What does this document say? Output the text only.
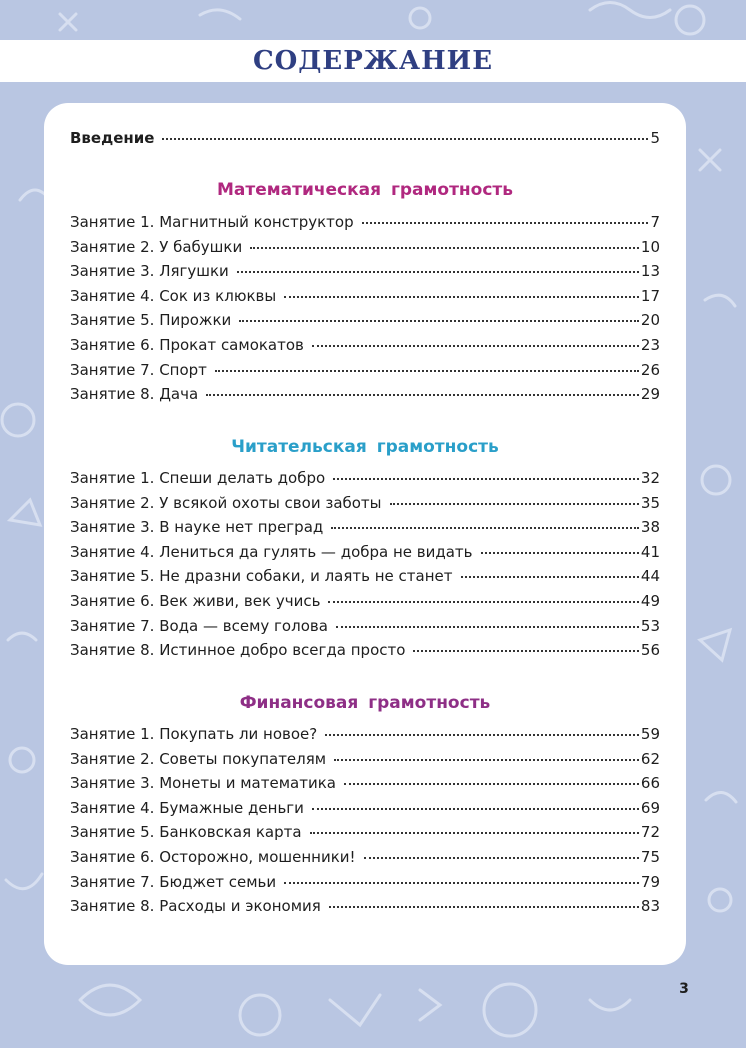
СОДЕРЖАНИЕ
Введение	5
Математическая грамотность
Занятие 1. Магнитный конструктор	7
Занятие 2. У бабушки	10
Занятие 3. Лягушки	13
Занятие 4. Сок из клюквы	17
Занятие 5. Пирожки	20
Занятие 6. Прокат самокатов	23
Занятие 7. Спорт	26
Занятие 8. Дача	29
Читательская грамотность
Занятие 1. Спеши делать добро	32
Занятие 2. У всякой охоты свои заботы	35
Занятие 3. В науке нет преград	38
Занятие 4. Лениться да гулять — добра не видать	41
Занятие 5. Не дразни собаки, и лаять не станет	44
Занятие 6. Век живи, век учись	49
Занятие 7. Вода — всему голова	53
Занятие 8. Истинное добро всегда просто	56
Финансовая грамотность
Занятие 1. Покупать ли новое?	59
Занятие 2. Советы покупателям	62
Занятие 3. Монеты и математика	66
Занятие 4. Бумажные деньги	69
Занятие 5. Банковская карта	72
Занятие 6. Осторожно, мошенники!	75
Занятие 7. Бюджет семьи	79
Занятие 8. Расходы и экономия	83
3
